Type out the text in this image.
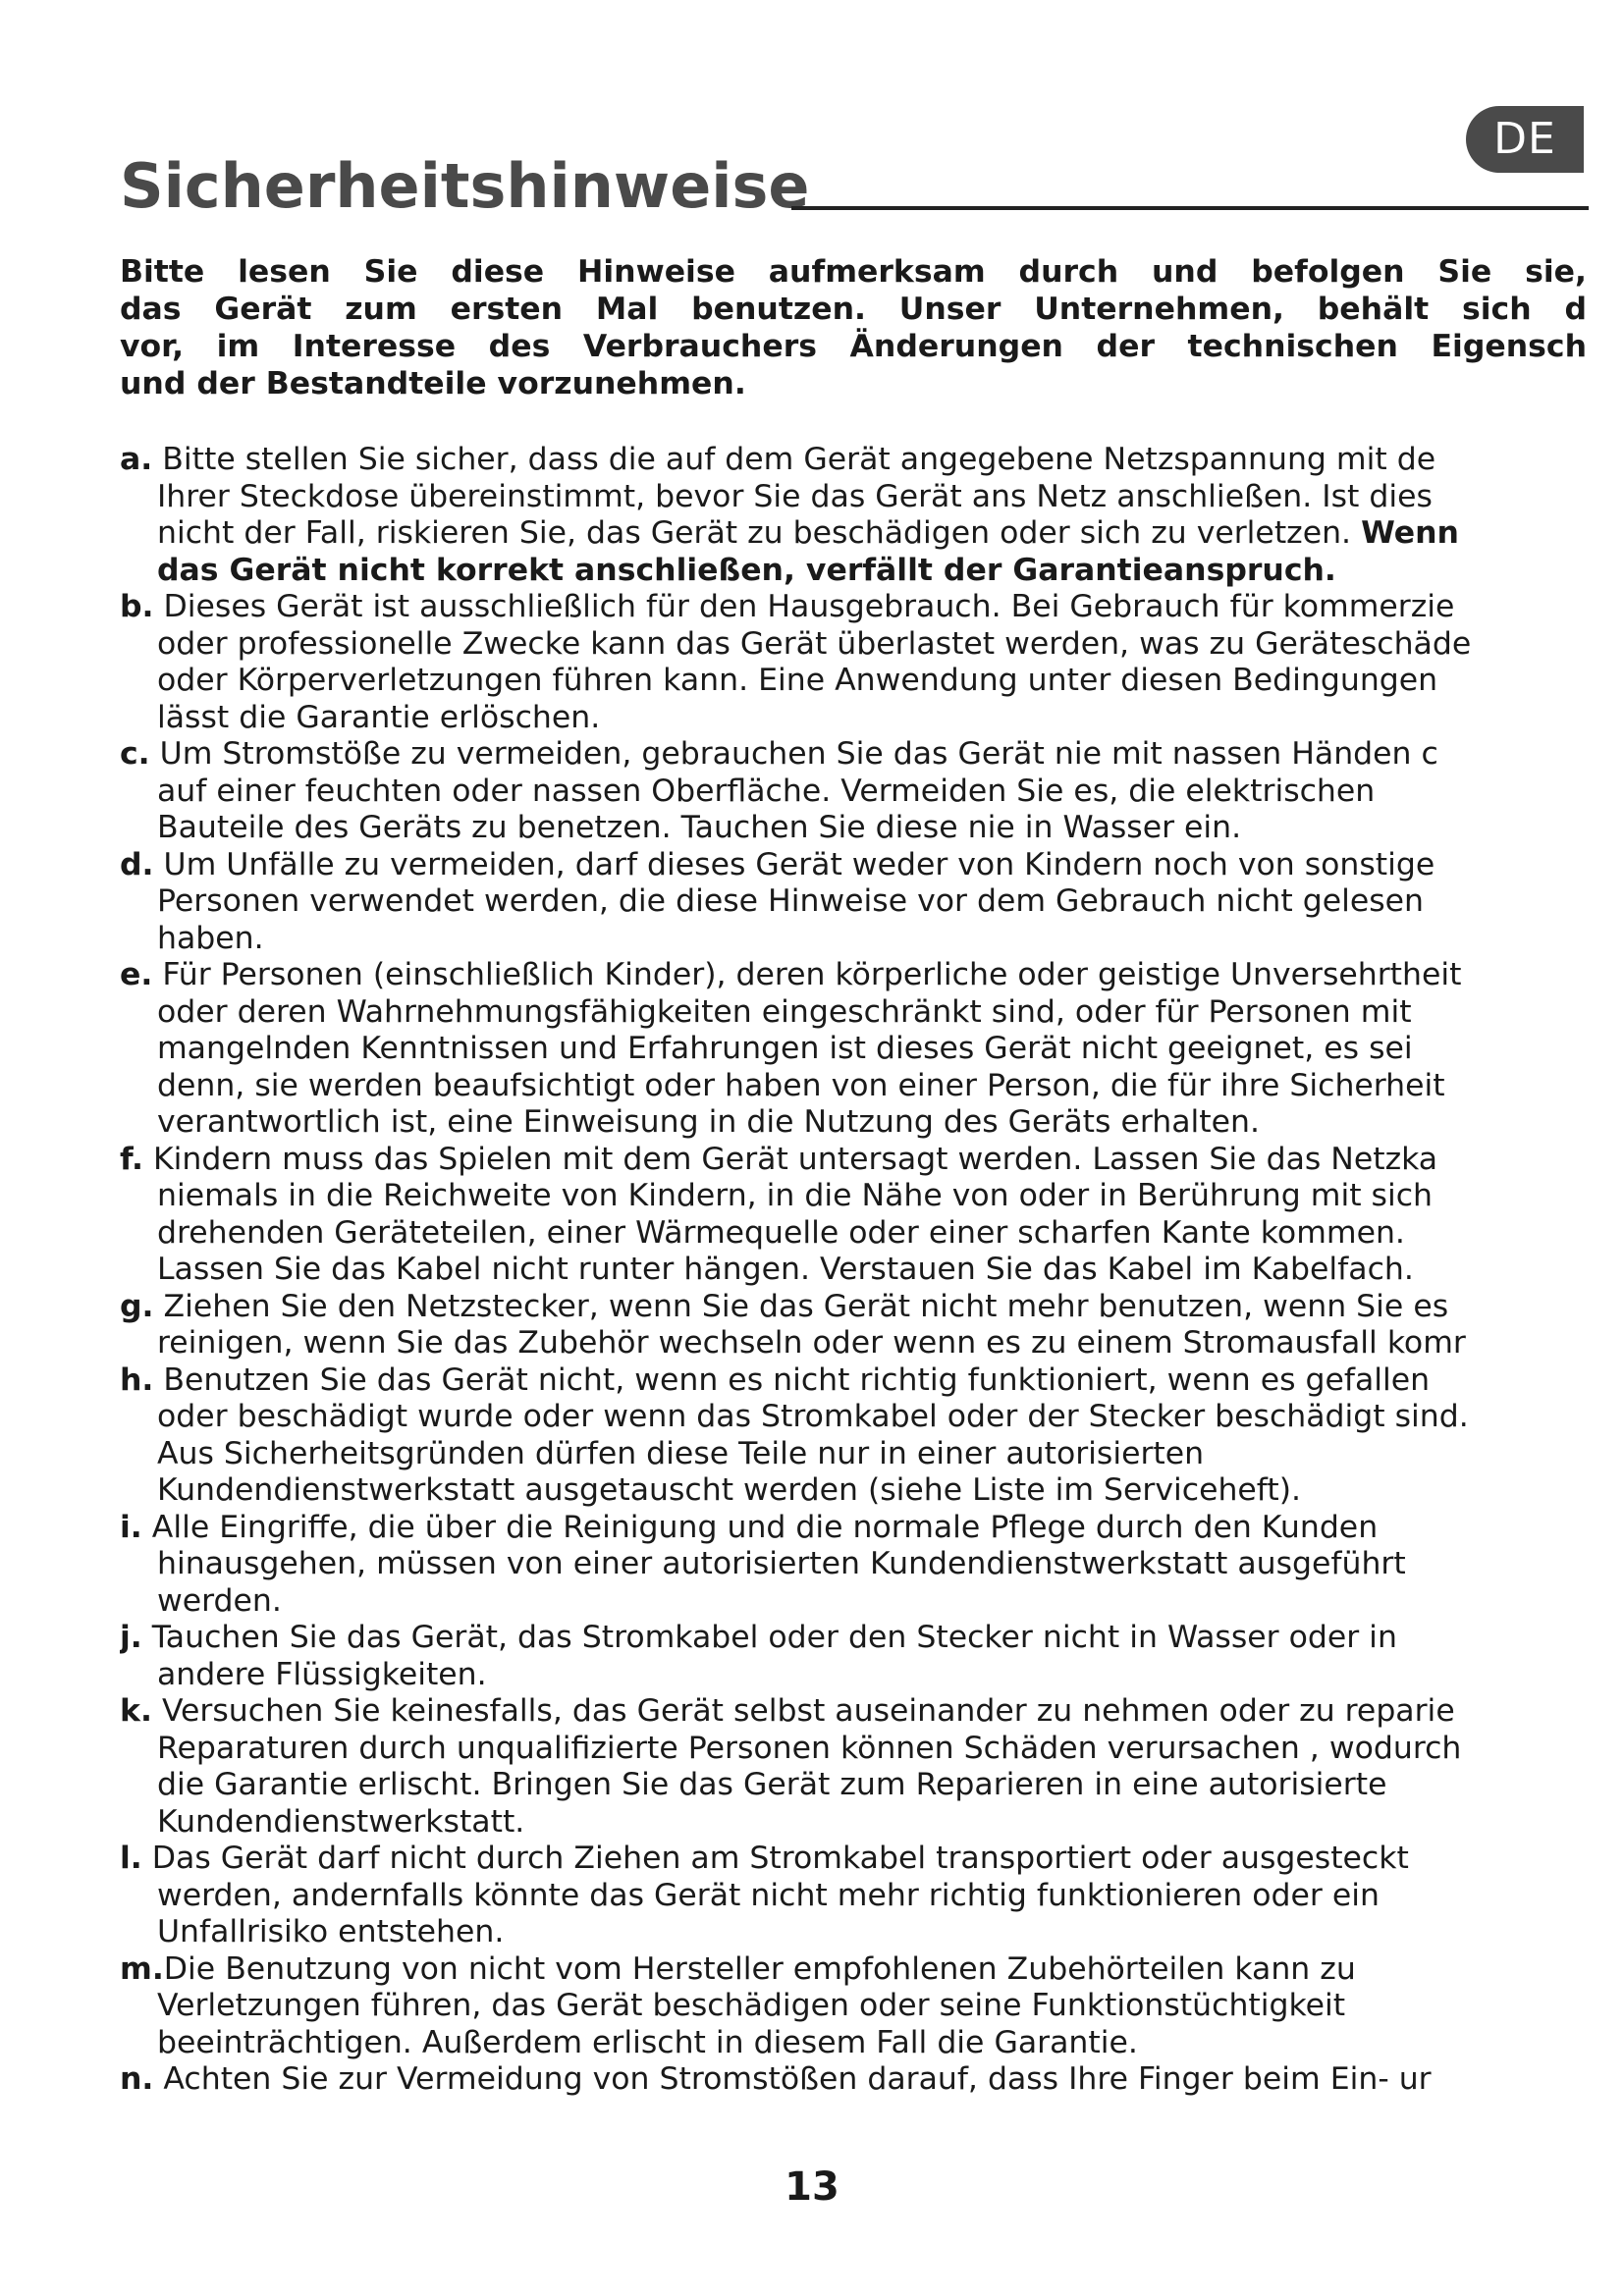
DE
Sicherheitshinweise

Bitte lesen Sie diese Hinweise aufmerksam durch und befolgen Sie sie,
das Gerät zum ersten Mal benutzen. Unser Unternehmen, behält sich d
vor, im Interesse des Verbrauchers Änderungen der technischen Eigensch
und der Bestandteile vorzunehmen.

a. Bitte stellen Sie sicher, dass die auf dem Gerät angegebene Netzspannung mit de
Ihrer Steckdose übereinstimmt, bevor Sie das Gerät ans Netz anschließen. Ist dies
nicht der Fall, riskieren Sie, das Gerät zu beschädigen oder sich zu verletzen. Wenn
das Gerät nicht korrekt anschließen, verfällt der Garantieanspruch.
b. Dieses Gerät ist ausschließlich für den Hausgebrauch. Bei Gebrauch für kommerzie
oder professionelle Zwecke kann das Gerät überlastet werden, was zu Geräteschäde
oder Körperverletzungen führen kann. Eine Anwendung unter diesen Bedingungen
lässt die Garantie erlöschen.
c. Um Stromstöße zu vermeiden, gebrauchen Sie das Gerät nie mit nassen Händen c
auf einer feuchten oder nassen Oberfläche. Vermeiden Sie es, die elektrischen
Bauteile des Geräts zu benetzen. Tauchen Sie diese nie in Wasser ein.
d. Um Unfälle zu vermeiden, darf dieses Gerät weder von Kindern noch von sonstige
Personen verwendet werden, die diese Hinweise vor dem Gebrauch nicht gelesen
haben.
e. Für Personen (einschließlich Kinder), deren körperliche oder geistige Unversehrtheit
oder deren Wahrnehmungsfähigkeiten eingeschränkt sind, oder für Personen mit
mangelnden Kenntnissen und Erfahrungen ist dieses Gerät nicht geeignet, es sei
denn, sie werden beaufsichtigt oder haben von einer Person, die für ihre Sicherheit
verantwortlich ist, eine Einweisung in die Nutzung des Geräts erhalten.
f. Kindern muss das Spielen mit dem Gerät untersagt werden. Lassen Sie das Netzka
niemals in die Reichweite von Kindern, in die Nähe von oder in Berührung mit sich
drehenden Geräteteilen, einer Wärmequelle oder einer scharfen Kante kommen.
Lassen Sie das Kabel nicht runter hängen. Verstauen Sie das Kabel im Kabelfach.
g. Ziehen Sie den Netzstecker, wenn Sie das Gerät nicht mehr benutzen, wenn Sie es
reinigen, wenn Sie das Zubehör wechseln oder wenn es zu einem Stromausfall komr
h. Benutzen Sie das Gerät nicht, wenn es nicht richtig funktioniert, wenn es gefallen
oder beschädigt wurde oder wenn das Stromkabel oder der Stecker beschädigt sind.
Aus Sicherheitsgründen dürfen diese Teile nur in einer autorisierten
Kundendienstwerkstatt ausgetauscht werden (siehe Liste im Serviceheft).
i. Alle Eingriffe, die über die Reinigung und die normale Pflege durch den Kunden
hinausgehen, müssen von einer autorisierten Kundendienstwerkstatt ausgeführt
werden.
j. Tauchen Sie das Gerät, das Stromkabel oder den Stecker nicht in Wasser oder in
andere Flüssigkeiten.
k. Versuchen Sie keinesfalls, das Gerät selbst auseinander zu nehmen oder zu reparie
Reparaturen durch unqualifizierte Personen können Schäden verursachen , wodurch
die Garantie erlischt. Bringen Sie das Gerät zum Reparieren in eine autorisierte
Kundendienstwerkstatt.
l. Das Gerät darf nicht durch Ziehen am Stromkabel transportiert oder ausgesteckt
werden, andernfalls könnte das Gerät nicht mehr richtig funktionieren oder ein
Unfallrisiko entstehen.
m.Die Benutzung von nicht vom Hersteller empfohlenen Zubehörteilen kann zu
Verletzungen führen, das Gerät beschädigen oder seine Funktionstüchtigkeit
beeinträchtigen. Außerdem erlischt in diesem Fall die Garantie.
n. Achten Sie zur Vermeidung von Stromstößen darauf, dass Ihre Finger beim Ein- ur
13
